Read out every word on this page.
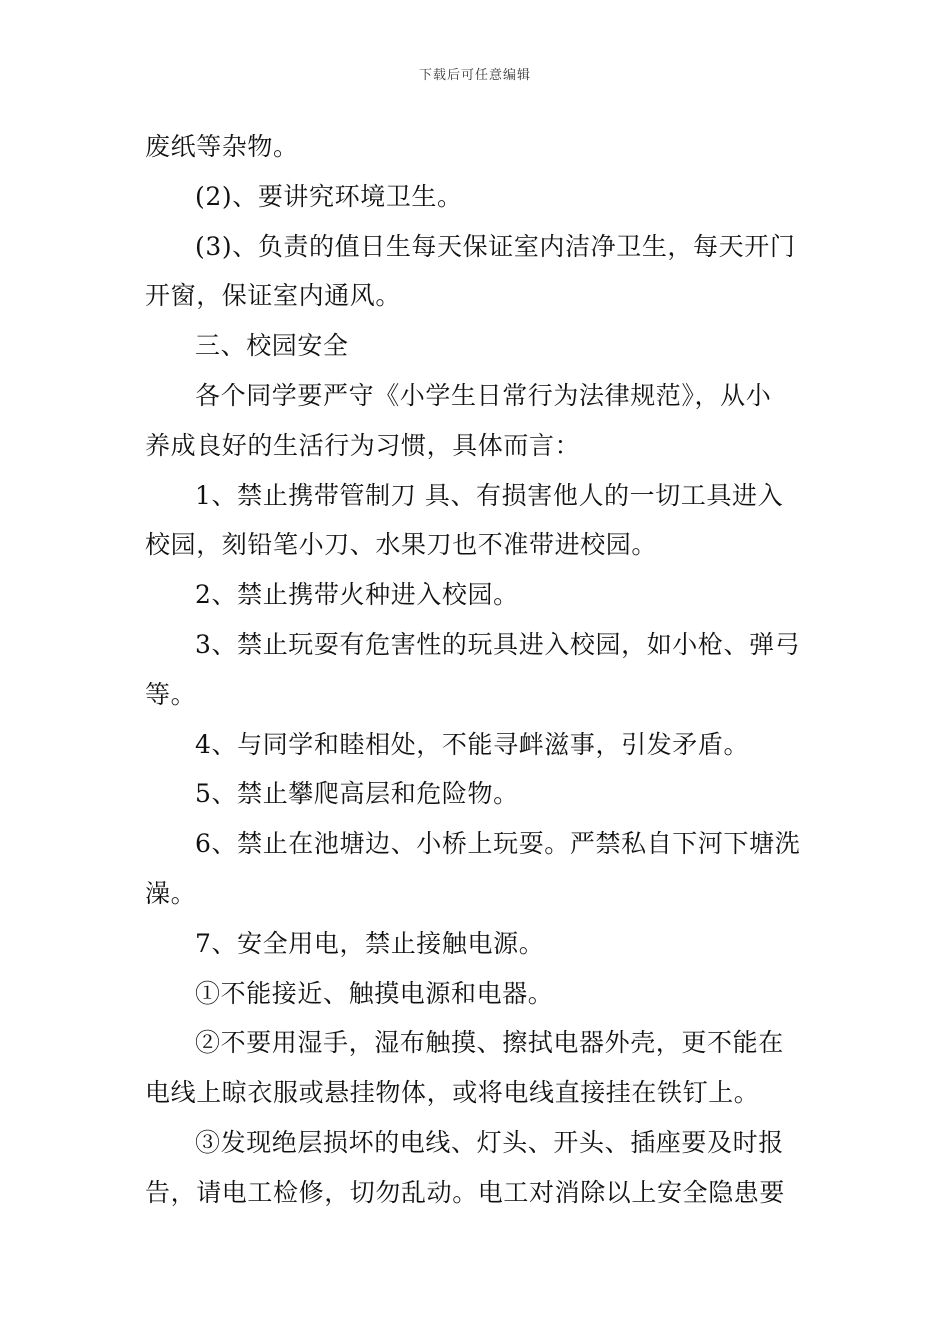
下载后可任意编辑
废纸等杂物。
(2)、要讲究环境卫生。
(3)、负责的值日生每天保证室内洁净卫生，每天开门
开窗，保证室内通风。
三、校园安全
各个同学要严守《小学生日常行为法律规范》，从小
养成良好的生活行为习惯，具体而言：
1、禁止携带管制刀 具、有损害他人的一切工具进入
校园，刻铅笔小刀、水果刀也不准带进校园。
2、禁止携带火种进入校园。
3、禁止玩耍有危害性的玩具进入校园，如小枪、弹弓
等。
4、与同学和睦相处，不能寻衅滋事，引发矛盾。
5、禁止攀爬高层和危险物。
6、禁止在池塘边、小桥上玩耍。严禁私自下河下塘洗
澡。
7、安全用电，禁止接触电源。
①不能接近、触摸电源和电器。
②不要用湿手，湿布触摸、擦拭电器外壳，更不能在
电线上晾衣服或悬挂物体，或将电线直接挂在铁钉上。
③发现绝层损坏的电线、灯头、开头、插座要及时报
告，请电工检修，切勿乱动。电工对消除以上安全隐患要
